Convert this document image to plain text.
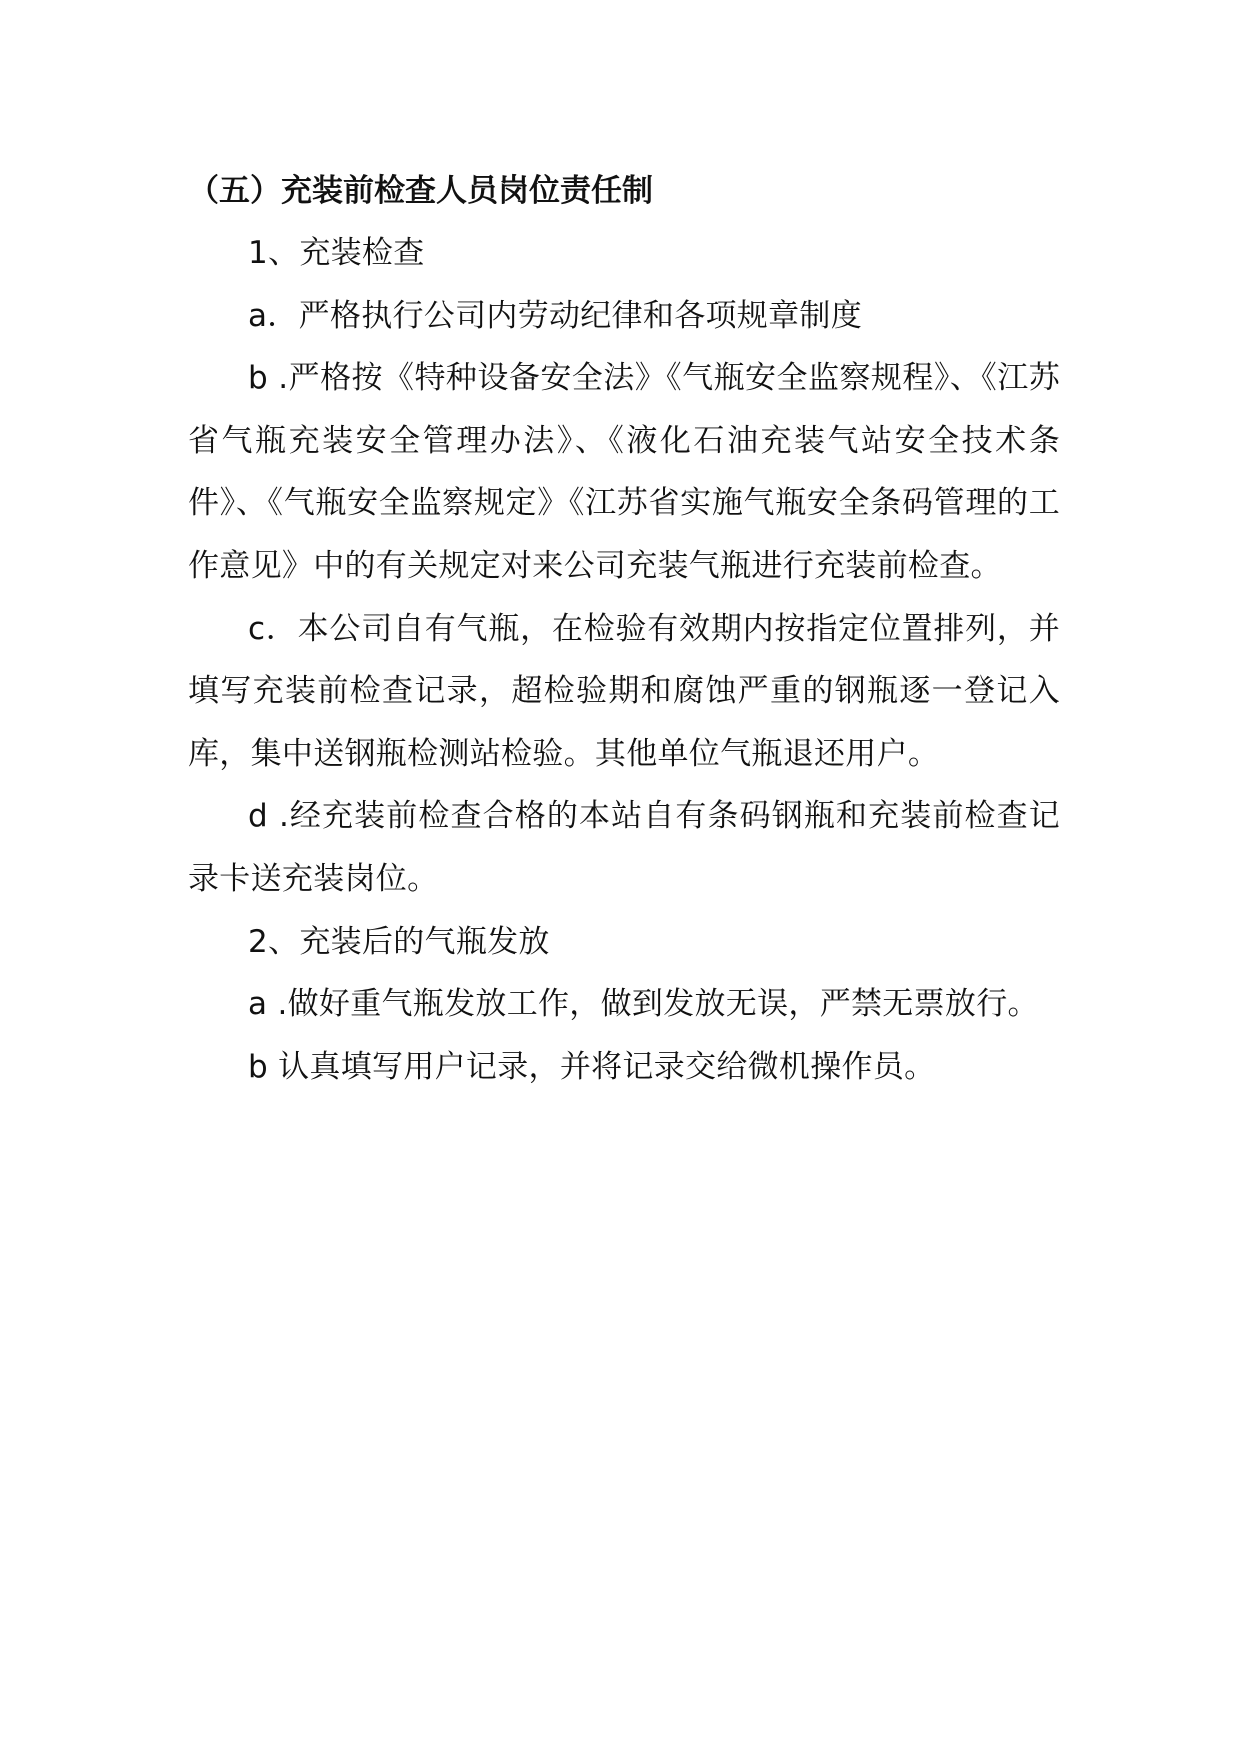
（五）充装前检查人员岗位责任制

1、充装检查

a．严格执行公司内劳动纪律和各项规章制度

b .严格按《特种设备安全法》《气瓶安全监察规程》、《江苏省气瓶充装安全管理办法》、《液化石油充装气站安全技术条件》、《气瓶安全监察规定》《江苏省实施气瓶安全条码管理的工作意见》中的有关规定对来公司充装气瓶进行充装前检查。

c．本公司自有气瓶，在检验有效期内按指定位置排列，并填写充装前检查记录，超检验期和腐蚀严重的钢瓶逐一登记入库，集中送钢瓶检测站检验。其他单位气瓶退还用户。

d .经充装前检查合格的本站自有条码钢瓶和充装前检查记录卡送充装岗位。

2、充装后的气瓶发放

a .做好重气瓶发放工作，做到发放无误，严禁无票放行。

b 认真填写用户记录，并将记录交给微机操作员。
